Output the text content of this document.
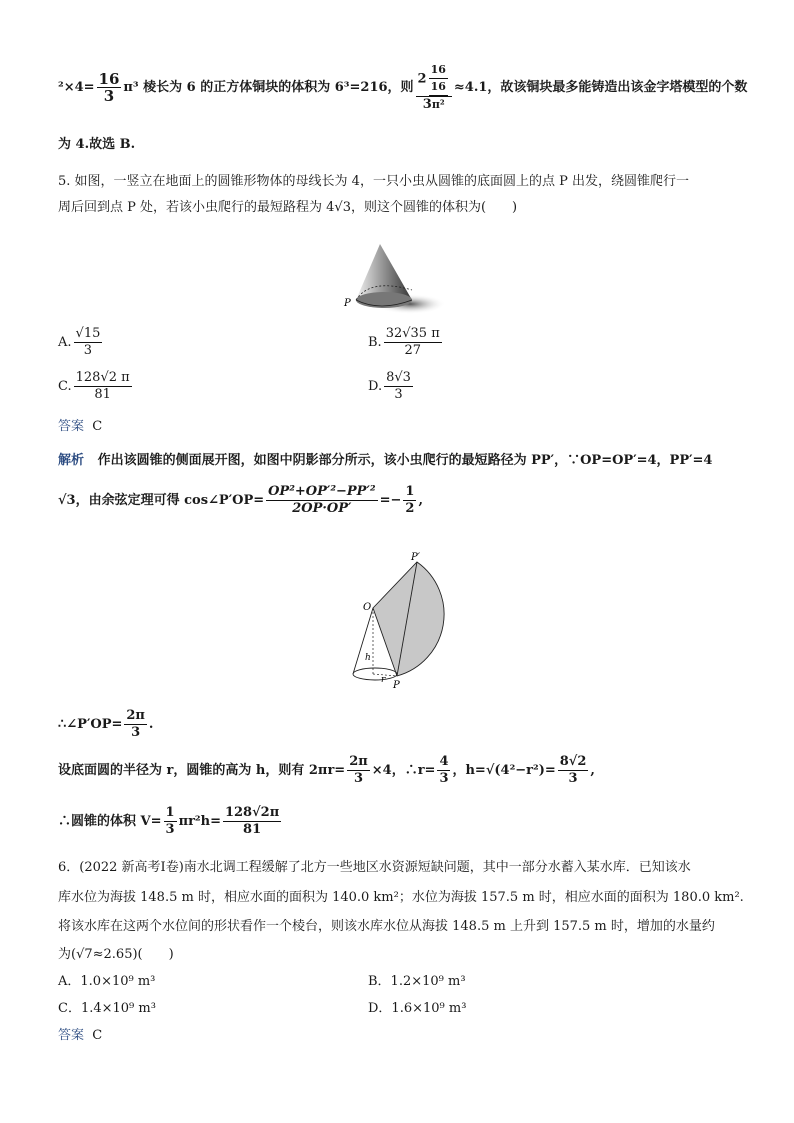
$^2\times 4= \frac{16}{3} \pi^3$ 棱长为 6 的正方体铜块的体积为 6³=216，则 $\frac{2 \frac{16}{16}}{\text{3π²}} \approx 4.1$，故该铜块最多能铸造出该金字塔模型的个数
为 4.故选 B.
5. 如图，一竖立在地面上的圆锥形物体的母线长为 4，一只小虫从圆锥的底面圆上的点 P 出发，绕圆锥爬行一
周后回到点 P 处，若该小虫爬行的最短路程为 4√3，则这个圆锥的体积为(　　)
P
A. $\frac{√15}{3}$	B. $\frac{32√35 \pi}{27}$
C. $\frac{128√2 \pi}{81}$	D. $\frac{8√3}{3}$
答案 C
解析 作出该圆锥的侧面展开图，如图中阴影部分所示，该小虫爬行的最短路径为 PP′，∵OP=OP′=4，PP′=4
√3，由余弦定理可得 cos∠P′OP= $\frac{\text{OP²+OP′²−PP′²}}{2OP\cdot OP'} =- \frac{1}{2}$ ,
P′
O
h
r P
∴∠P′OP= $\frac{2\pi}{3}$ .
设底面圆的半径为 r，圆锥的高为 h，则有 $2\pi r= \frac{2\pi}{3} \times 4$，∴r= $\frac{4}{3}$ ，$h=√(4^2-r^2)= \frac{8√2}{3}$ ,
∴圆锥的体积 $V= \frac{1}{3} \pi r^2h= \frac{128√2\pi}{81}$
6．(2022 新高考Ⅰ卷)南水北调工程缓解了北方一些地区水资源短缺问题，其中一部分水蓄入某水库．已知该水
库水位为海拔 148.5 m 时，相应水面的面积为 140.0 km²；水位为海拔 157.5 m 时，相应水面的面积为 180.0 km².
将该水库在这两个水位间的形状看作一个棱台，则该水库水位从海拔 148.5 m 上升到 157.5 m 时，增加的水量约
为(√7≈2.65)(　　)
A．1.0×10⁹ m³	B．1.2×10⁹ m³
C．1.4×10⁹ m³	D．1.6×10⁹ m³
答案 C
